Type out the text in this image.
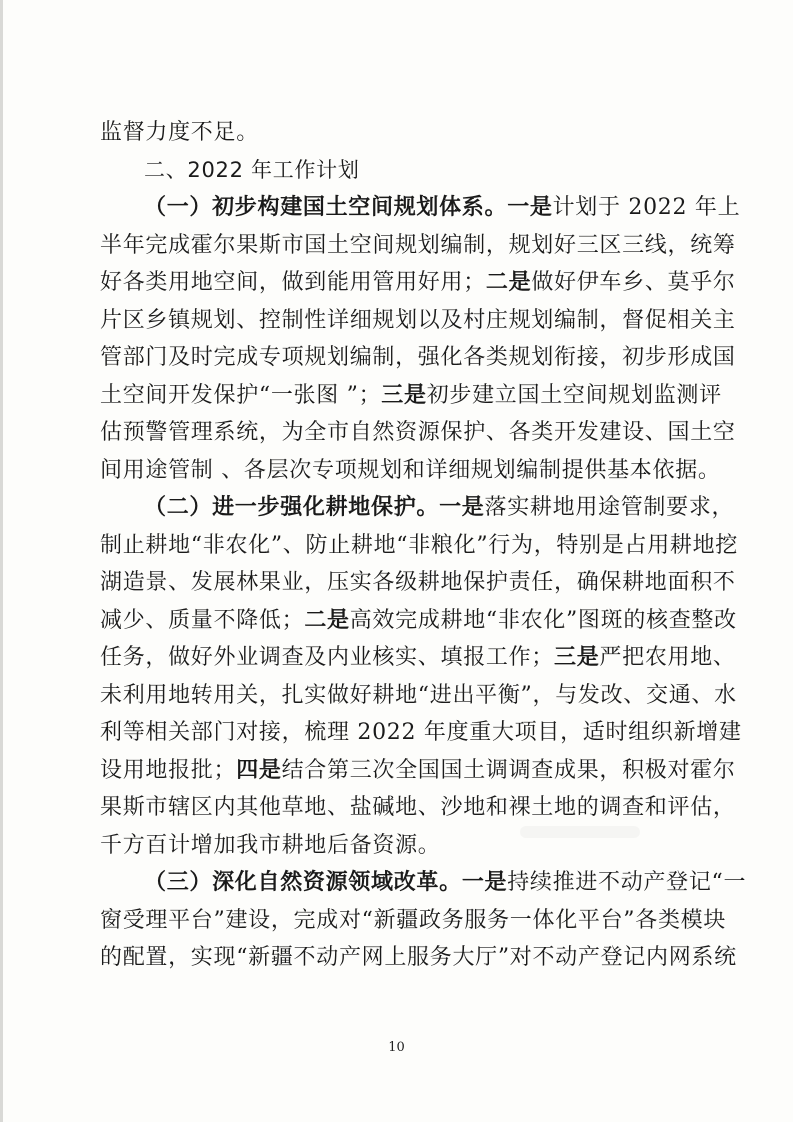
监督力度不足。
二、2022 年工作计划
（一）初步构建国土空间规划体系。一是计划于 2022 年上
半年完成霍尔果斯市国土空间规划编制，规划好三区三线，统筹
好各类用地空间，做到能用管用好用；二是做好伊车乡、莫乎尔
片区乡镇规划、控制性详细规划以及村庄规划编制，督促相关主
管部门及时完成专项规划编制，强化各类规划衔接，初步形成国
土空间开发保护“一张图 ”；三是初步建立国土空间规划监测评
估预警管理系统，为全市自然资源保护、各类开发建设、国土空
间用途管制 、各层次专项规划和详细规划编制提供基本依据。
（二）进一步强化耕地保护。一是落实耕地用途管制要求，
制止耕地“非农化”、防止耕地“非粮化”行为，特别是占用耕地挖
湖造景、发展林果业，压实各级耕地保护责任，确保耕地面积不
减少、质量不降低；二是高效完成耕地“非农化”图斑的核查整改
任务，做好外业调查及内业核实、填报工作；三是严把农用地、
未利用地转用关，扎实做好耕地“进出平衡”，与发改、交通、水
利等相关部门对接，梳理 2022 年度重大项目，适时组织新增建
设用地报批；四是结合第三次全国国土调调查成果，积极对霍尔
果斯市辖区内其他草地、盐碱地、沙地和裸土地的调查和评估，
千方百计增加我市耕地后备资源。
（三）深化自然资源领域改革。一是持续推进不动产登记“一
窗受理平台”建设，完成对“新疆政务服务一体化平台”各类模块
的配置，实现“新疆不动产网上服务大厅”对不动产登记内网系统
10
